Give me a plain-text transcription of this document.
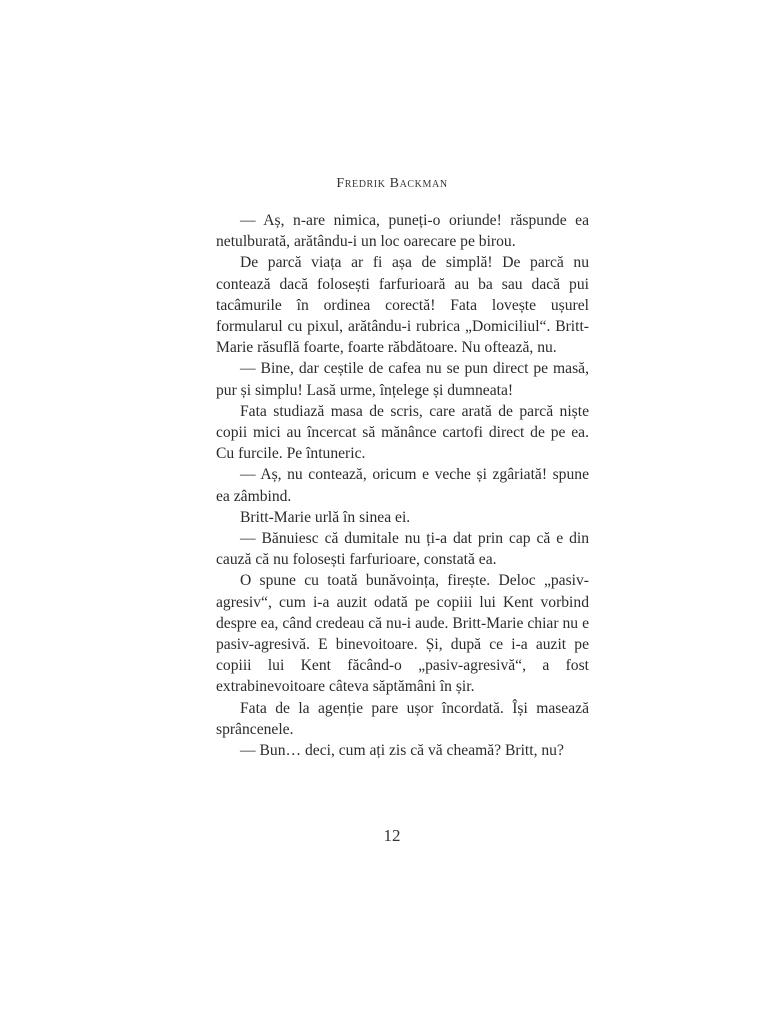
Fredrik Backman

— Aș, n-are nimica, puneți-o oriunde! răspunde ea netulburată, arătându-i un loc oarecare pe birou.

De parcă viața ar fi așa de simplă! De parcă nu contează dacă folosești farfurioară au ba sau dacă pui tacâmurile în ordinea corectă! Fata lovește ușurel formularul cu pixul, arătându-i rubrica „Domiciliul“. Britt-Marie răsuflă foarte, foarte răbdătoare. Nu oftează, nu.

— Bine, dar ceștile de cafea nu se pun direct pe masă, pur și simplu! Lasă urme, înțelege și dumneata!

Fata studiază masa de scris, care arată de parcă niște copii mici au încercat să mănânce cartofi direct de pe ea. Cu furcile. Pe întuneric.

— Aș, nu contează, oricum e veche și zgâriată! spune ea zâmbind.

Britt-Marie urlă în sinea ei.

— Bănuiesc că dumitale nu ți-a dat prin cap că e din cauză că nu folosești farfurioare, constată ea.

O spune cu toată bunăvoința, firește. Deloc „pasiv-agresiv“, cum i-a auzit odată pe copiii lui Kent vorbind despre ea, când credeau că nu-i aude. Britt-Marie chiar nu e pasiv-agresivă. E binevoitoare. Și, după ce i-a auzit pe copiii lui Kent făcând-o „pasiv-agresivă“, a fost extrabinevoitoare câteva săptămâni în șir.

Fata de la agenție pare ușor încordată. Își masează sprâncenele.

— Bun… deci, cum ați zis că vă cheamă? Britt, nu?

12
